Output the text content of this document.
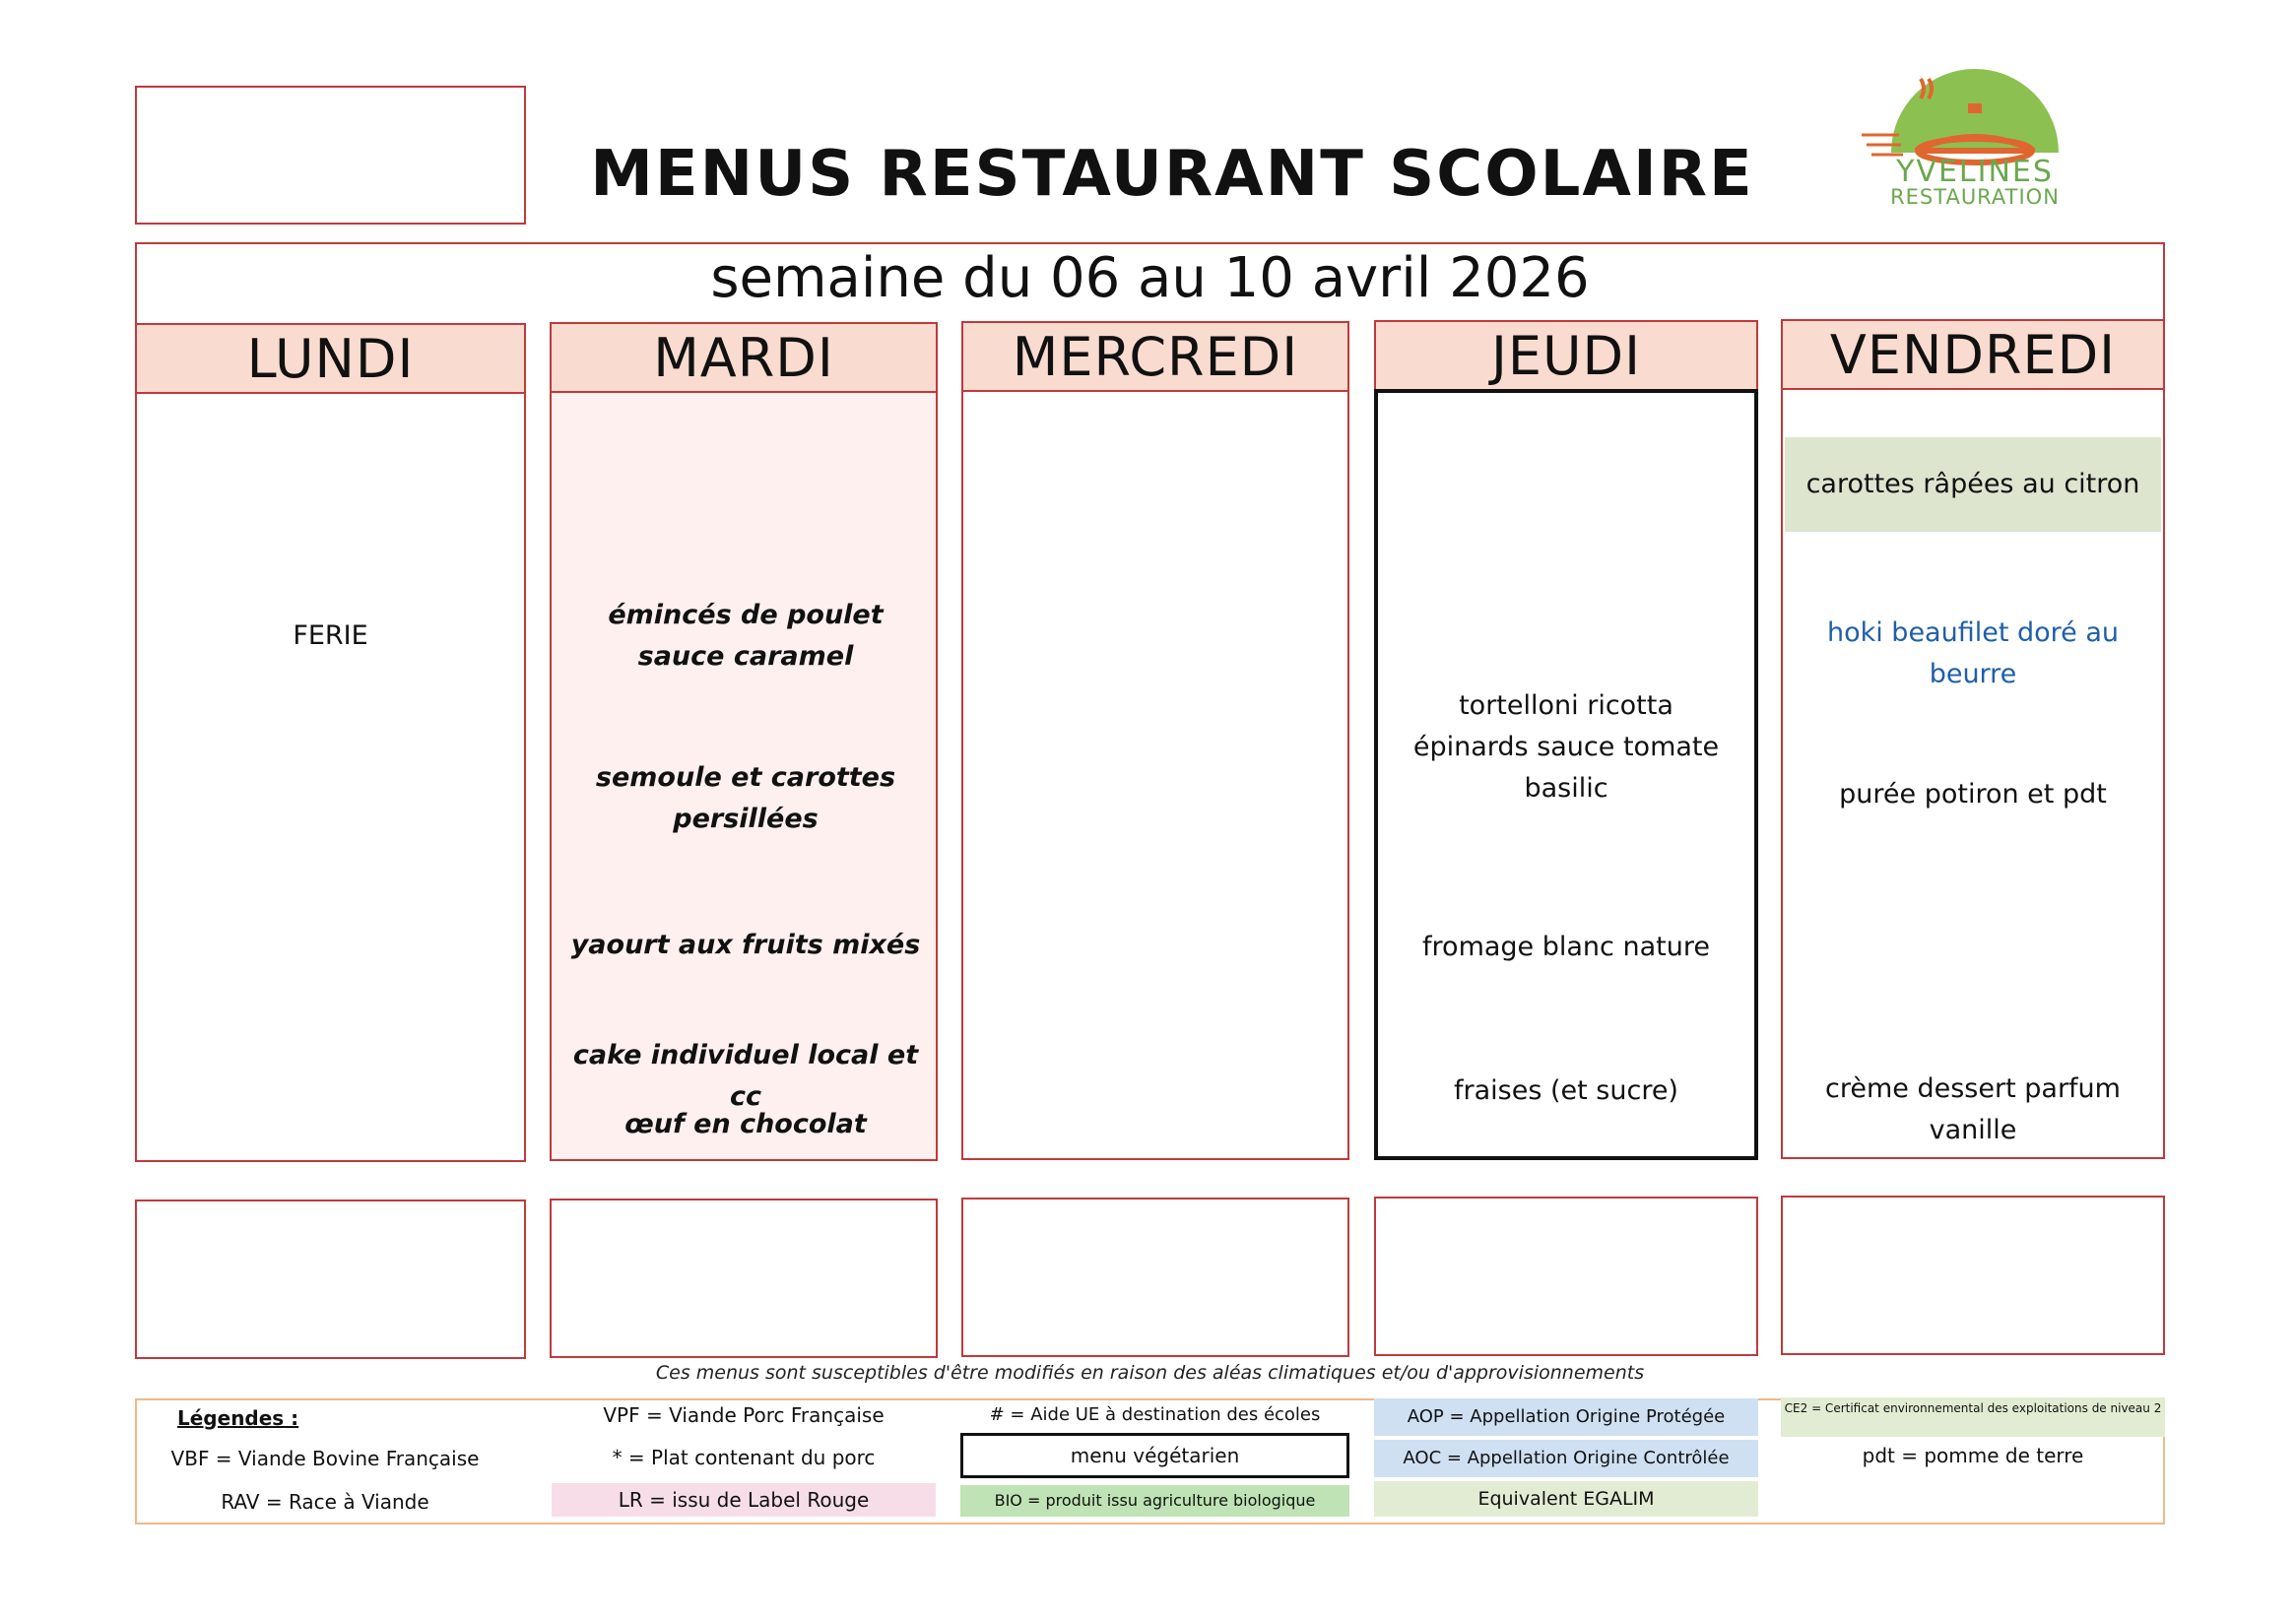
MENUS RESTAURANT SCOLAIRE	YVELINES
RESTAURATION
semaine du 06 au 10 avril 2026
LUNDI
FERIE
MARDI
émincés de poulet sauce caramel
semoule et carottes persillées
yaourt aux fruits mixés
cake individuel local et cc
œuf en chocolat
MERCREDI	JEUDI
tortelloni ricotta épinards sauce tomate basilic
fromage blanc nature
fraises (et sucre)
VENDREDI
carottes râpées au citron
hoki beaufilet doré au beurre
purée potiron et pdt
crème dessert parfum vanille
Ces menus sont susceptibles d'être modifiés en raison des aléas climatiques et/ou d'approvisionnements
Légendes :
VBF = Viande Bovine Française
RAV = Race à Viande
VPF = Viande Porc Française
* = Plat contenant du porc
LR = issu de Label Rouge
# = Aide UE à destination des écoles
menu végétarien
BIO = produit issu agriculture biologique
AOP = Appellation Origine Protégée
AOC = Appellation Origine Contrôlée
Equivalent EGALIM
CE2 = Certificat environnemental des exploitations de niveau 2
pdt = pomme de terre
